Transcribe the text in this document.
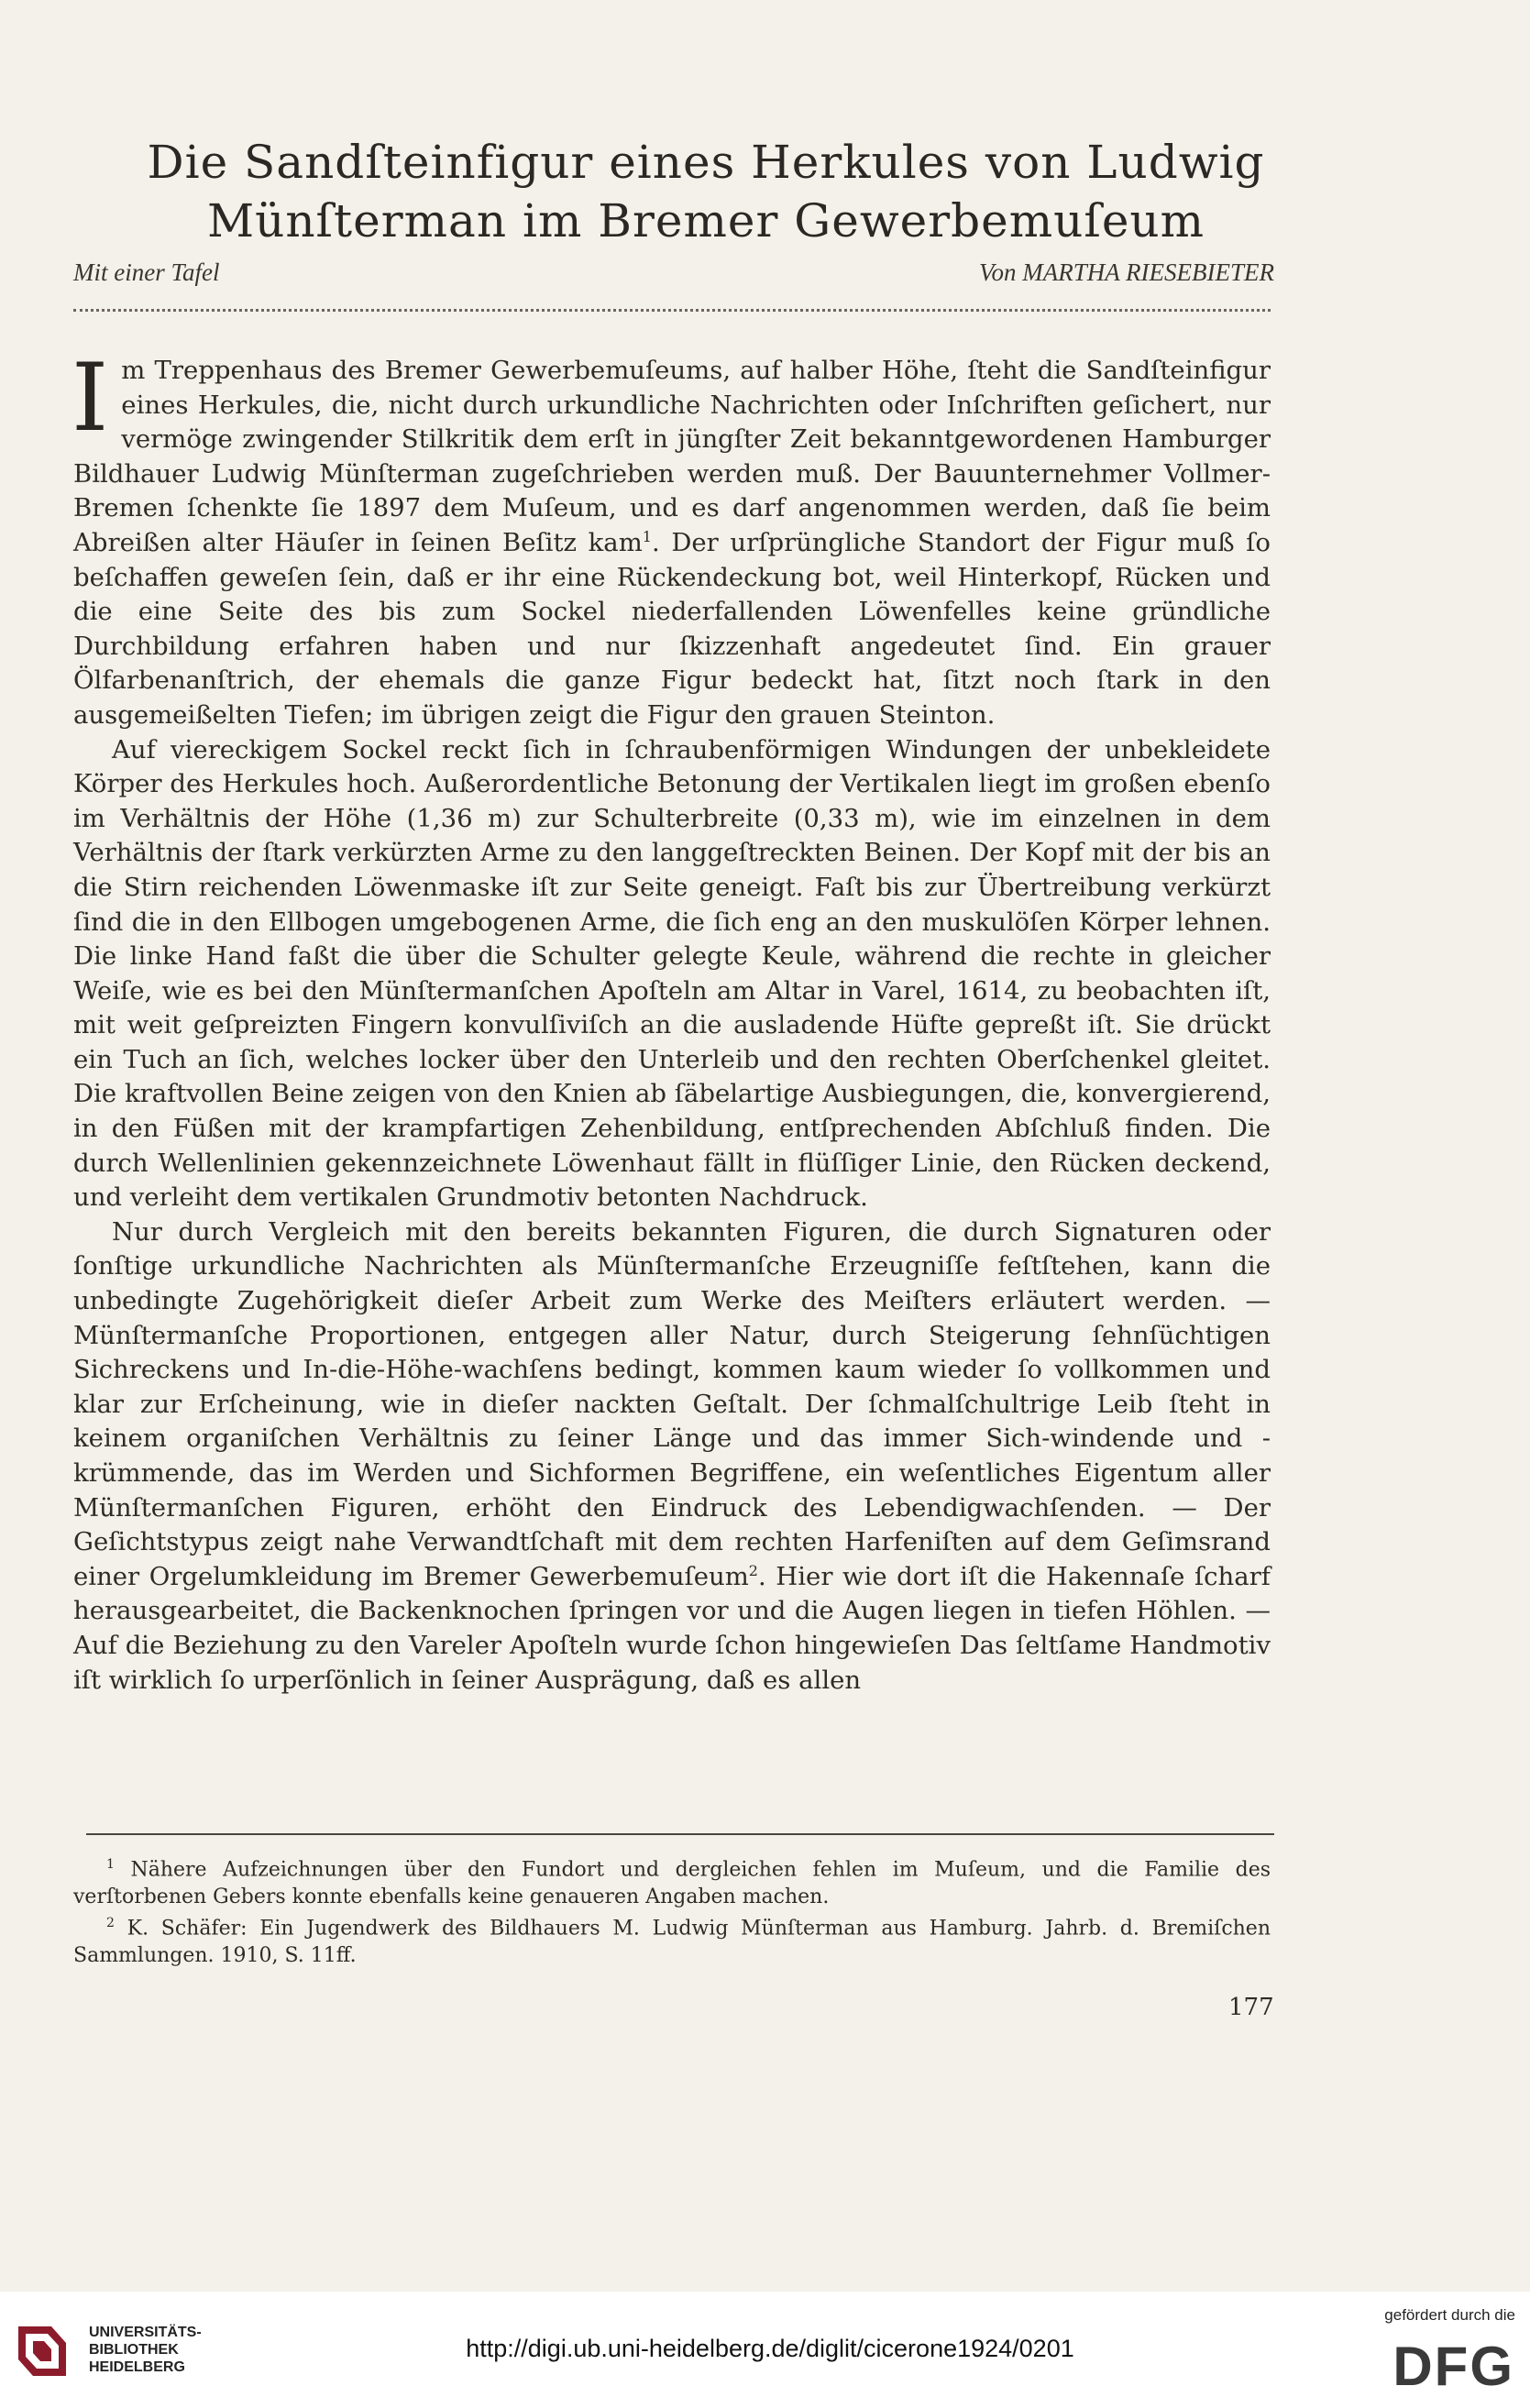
Die Sandſteinfigur eines Herkules von Ludwig
Münſterman im Bremer Gewerbemuſeum
Mit einer Tafel	Von MARTHA RIESEBIETER

Im Treppenhaus des Bremer Gewerbemuſeums, auf halber Höhe, ſteht die Sandſteinfigur eines Herkules, die, nicht durch urkundliche Nachrichten oder Inſchriften geſichert, nur vermöge zwingender Stilkritik dem erſt in jüngſter Zeit bekanntgewordenen Hamburger Bildhauer Ludwig Münſterman zugeſchrieben werden muß. Der Bauunternehmer Vollmer-Bremen ſchenkte ſie 1897 dem Muſeum, und es darf angenommen werden, daß ſie beim Abreißen alter Häuſer in ſeinen Beſitz kam$^1$. Der urſprüngliche Standort der Figur muß ſo beſchaffen geweſen ſein, daß er ihr eine Rückendeckung bot, weil Hinterkopf, Rücken und die eine Seite des bis zum Sockel niederfallenden Löwenfelles keine gründliche Durchbildung erfahren haben und nur ſkizzenhaft angedeutet ſind. Ein grauer Ölfarbenanſtrich, der ehemals die ganze Figur bedeckt hat, ſitzt noch ſtark in den ausgemeißelten Tiefen; im übrigen zeigt die Figur den grauen Steinton.

Auf viereckigem Sockel reckt ſich in ſchraubenförmigen Windungen der unbekleidete Körper des Herkules hoch. Außerordentliche Betonung der Vertikalen liegt im großen ebenſo im Verhältnis der Höhe (1,36 m) zur Schulterbreite (0,33 m), wie im einzelnen in dem Verhältnis der ſtark verkürzten Arme zu den langgeſtreckten Beinen. Der Kopf mit der bis an die Stirn reichenden Löwenmaske iſt zur Seite geneigt. Faſt bis zur Übertreibung verkürzt ſind die in den Ellbogen umgebogenen Arme, die ſich eng an den muskulöſen Körper lehnen. Die linke Hand faßt die über die Schulter gelegte Keule, während die rechte in gleicher Weiſe, wie es bei den Münſtermanſchen Apoſteln am Altar in Varel, 1614, zu beobachten iſt, mit weit geſpreizten Fingern konvulſiviſch an die ausladende Hüfte gepreßt iſt. Sie drückt ein Tuch an ſich, welches locker über den Unterleib und den rechten Oberſchenkel gleitet. Die kraftvollen Beine zeigen von den Knien ab ſäbelartige Ausbiegungen, die, konvergierend, in den Füßen mit der krampfartigen Zehenbildung, entſprechenden Abſchluß finden. Die durch Wellenlinien gekennzeichnete Löwenhaut fällt in flüſſiger Linie, den Rücken deckend, und verleiht dem vertikalen Grundmotiv betonten Nachdruck.

Nur durch Vergleich mit den bereits bekannten Figuren, die durch Signaturen oder ſonſtige urkundliche Nachrichten als Münſtermanſche Erzeugniſſe feſtſtehen, kann die unbedingte Zugehörigkeit dieſer Arbeit zum Werke des Meiſters erläutert werden. — Münſtermanſche Proportionen, entgegen aller Natur, durch Steigerung ſehnſüchtigen Sichreckens und In-die-Höhe-wachſens bedingt, kommen kaum wieder ſo vollkommen und klar zur Erſcheinung, wie in dieſer nackten Geſtalt. Der ſchmalſchultrige Leib ſteht in keinem organiſchen Verhältnis zu ſeiner Länge und das immer Sich-windende und -krümmende, das im Werden und Sichformen Begriffene, ein weſentliches Eigentum aller Münſtermanſchen Figuren, erhöht den Eindruck des Lebendigwachſenden. — Der Geſichtstypus zeigt nahe Verwandtſchaft mit dem rechten Harfeniſten auf dem Geſimsrand einer Orgelumkleidung im Bremer Gewerbemuſeum$^2$. Hier wie dort iſt die Hakennaſe ſcharf herausgearbeitet, die Backenknochen ſpringen vor und die Augen liegen in tiefen Höhlen. — Auf die Beziehung zu den Vareler Apoſteln wurde ſchon hingewieſen Das ſeltſame Handmotiv iſt wirklich ſo urperſönlich in ſeiner Ausprägung, daß es allen

$^1$ Nähere Aufzeichnungen über den Fundort und dergleichen fehlen im Muſeum, und die Familie des verſtorbenen Gebers konnte ebenfalls keine genaueren Angaben machen.

$^2$ K. Schäfer: Ein Jugendwerk des Bildhauers M. Ludwig Münſterman aus Hamburg. Jahrb. d. Bremiſchen Sammlungen. 1910, S. 11ff.

177
UNIVERSITÄTS-
BIBLIOTHEK
HEIDELBERG
http://digi.ub.uni-heidelberg.de/diglit/cicerone1924/0201
gefördert durch die
DFG
